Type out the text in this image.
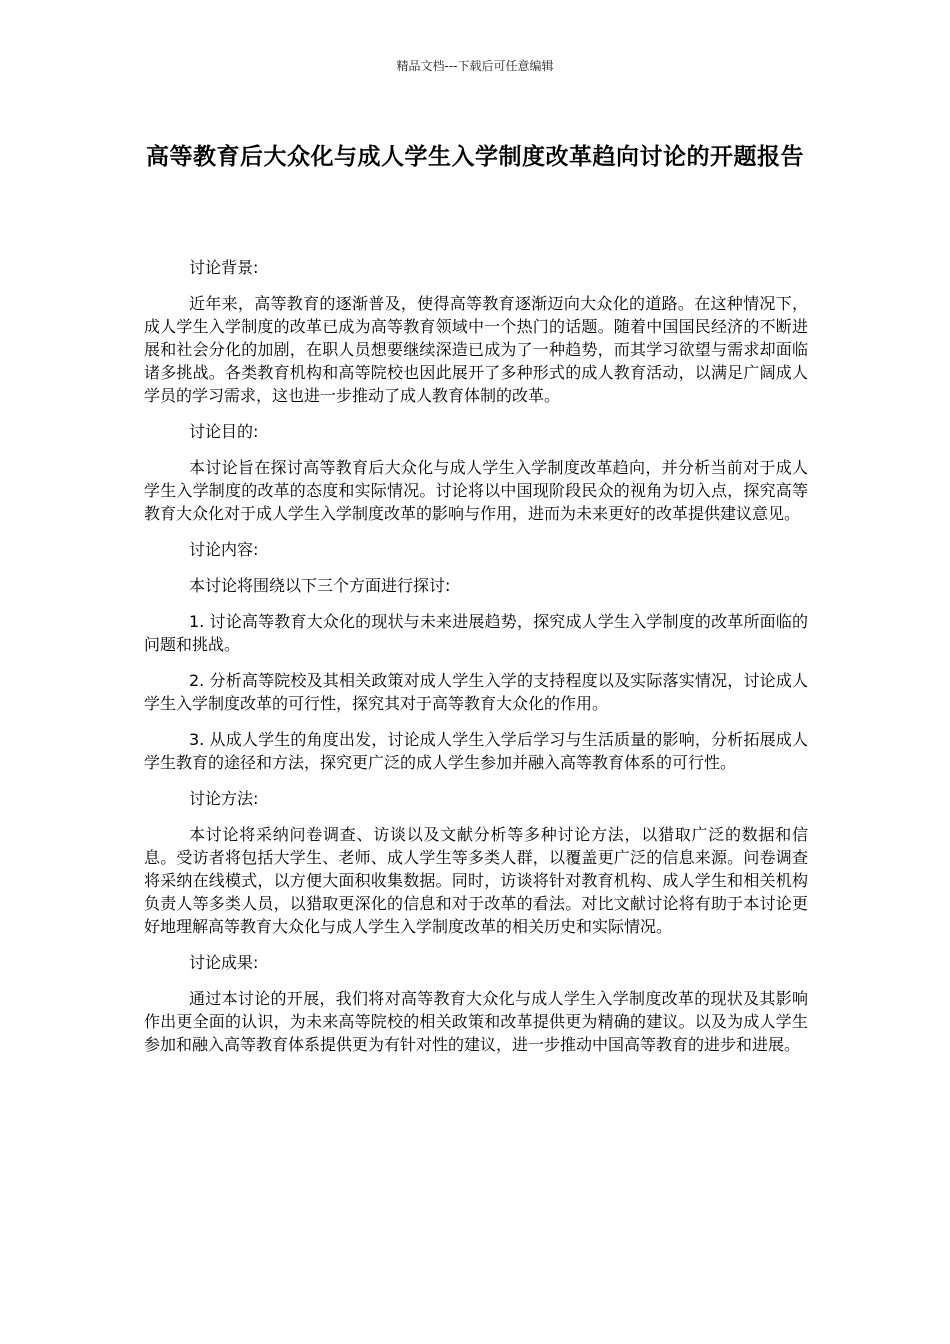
精品文档---下载后可任意编辑
高等教育后大众化与成人学生入学制度改革趋向讨论的开题报告

讨论背景:

近年来，高等教育的逐渐普及，使得高等教育逐渐迈向大众化的道路。在这种情况下，成人学生入学制度的改革已成为高等教育领域中一个热门的话题。随着中国国民经济的不断进展和社会分化的加剧，在职人员想要继续深造已成为了一种趋势，而其学习欲望与需求却面临诸多挑战。各类教育机构和高等院校也因此展开了多种形式的成人教育活动，以满足广阔成人学员的学习需求，这也进一步推动了成人教育体制的改革。

讨论目的:

本讨论旨在探讨高等教育后大众化与成人学生入学制度改革趋向，并分析当前对于成人学生入学制度的改革的态度和实际情况。讨论将以中国现阶段民众的视角为切入点，探究高等教育大众化对于成人学生入学制度改革的影响与作用，进而为未来更好的改革提供建议意见。

讨论内容:

本讨论将围绕以下三个方面进行探讨:

1. 讨论高等教育大众化的现状与未来进展趋势，探究成人学生入学制度的改革所面临的问题和挑战。

2. 分析高等院校及其相关政策对成人学生入学的支持程度以及实际落实情况，讨论成人学生入学制度改革的可行性，探究其对于高等教育大众化的作用。

3. 从成人学生的角度出发，讨论成人学生入学后学习与生活质量的影响，分析拓展成人学生教育的途径和方法，探究更广泛的成人学生参加并融入高等教育体系的可行性。

讨论方法:

本讨论将采纳问卷调查、访谈以及文献分析等多种讨论方法，以猎取广泛的数据和信息。受访者将包括大学生、老师、成人学生等多类人群，以覆盖更广泛的信息来源。问卷调查将采纳在线模式，以方便大面积收集数据。同时，访谈将针对教育机构、成人学生和相关机构负责人等多类人员，以猎取更深化的信息和对于改革的看法。对比文献讨论将有助于本讨论更好地理解高等教育大众化与成人学生入学制度改革的相关历史和实际情况。

讨论成果:

通过本讨论的开展，我们将对高等教育大众化与成人学生入学制度改革的现状及其影响作出更全面的认识，为未来高等院校的相关政策和改革提供更为精确的建议。以及为成人学生参加和融入高等教育体系提供更为有针对性的建议，进一步推动中国高等教育的进步和进展。
